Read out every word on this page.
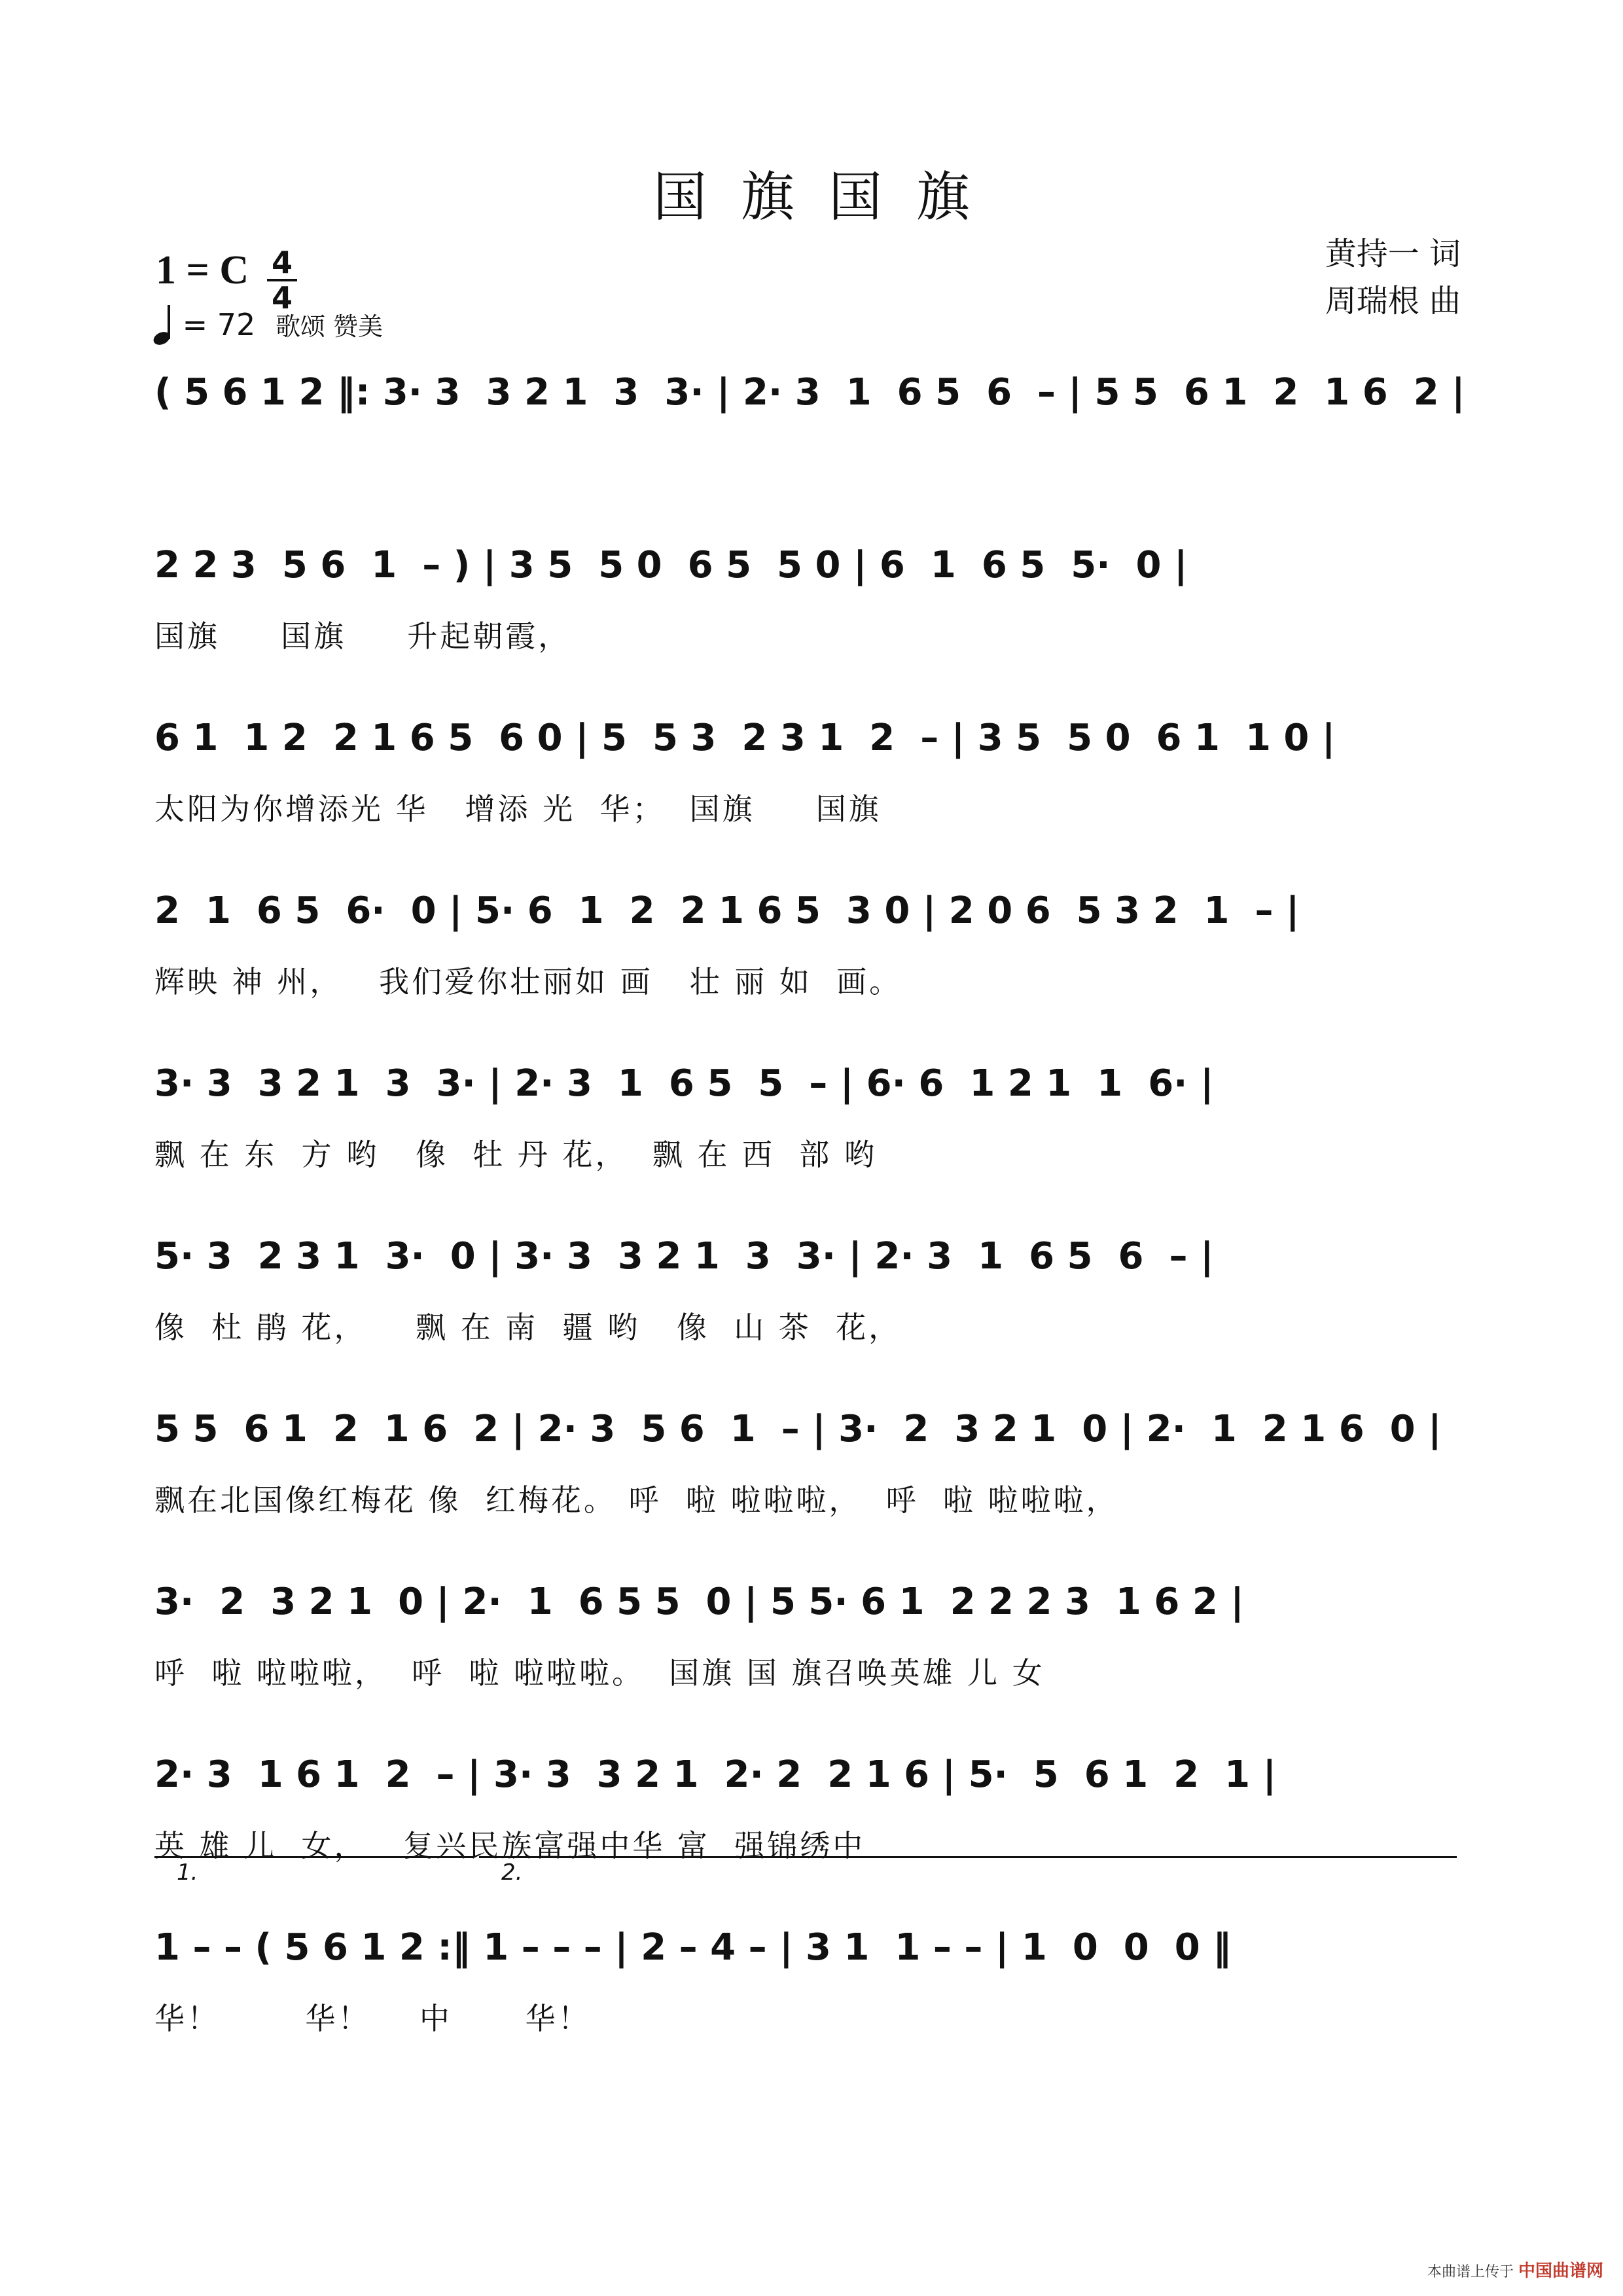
国旗国旗
黄持一 词
周瑞根 曲
1 = C 4
4
= 72 歌颂 赞美
( 5 6 1 2 ‖: 3· 3  3 2 1  3  3· | 2· 3  1  6 5  6  – | 5 5  6 1  2  1 6  2 |
2 2 3  5 6  1  – ) | 3 5  5 0  6 5  5 0 | 6  1  6 5  5·  0 |
国旗     国旗     升起朝霞，
6 1  1 2  2 1 6 5  6 0 | 5  5 3  2 3 1  2  – | 3 5  5 0  6 1  1 0 |
太阳为你增添光 华   增添 光  华；  国旗     国旗
2  1  6 5  6·  0 | 5· 6  1  2  2 1 6 5  3 0 | 2 0 6  5 3 2  1  – |
辉映 神 州，   我们爱你壮丽如 画   壮 丽 如  画。
3· 3  3 2 1  3  3· | 2· 3  1  6 5  5  – | 6· 6  1 2 1  1  6· |
飘 在 东  方 哟   像  牡 丹 花，  飘 在 西  部 哟
5· 3  2 3 1  3·  0 | 3· 3  3 2 1  3  3· | 2· 3  1  6 5  6  – |
像  杜 鹃 花，    飘 在 南  疆 哟   像  山 茶  花，
5 5  6 1  2  1 6  2 | 2· 3  5 6  1  – | 3·  2  3 2 1  0 | 2·  1  2 1 6  0 |
飘在北国像红梅花 像  红梅花。 呼  啦 啦啦啦，  呼  啦 啦啦啦，
3·  2  3 2 1  0 | 2·  1  6 5 5  0 | 5 5· 6 1  2 2 2 3  1 6 2 |
呼  啦 啦啦啦，  呼  啦 啦啦啦。  国旗 国 旗召唤英雄 儿 女
2· 3  1 6 1  2  – | 3· 3  3 2 1  2· 2  2 1 6 | 5·  5  6 1  2  1 |
英 雄 儿  女，   复兴民族富强中华 富  强锦绣中
1 – – ( 5 6 1 2 :‖ 1 – – – | 2 – 4 – | 3 1  1 – – | 1  0  0  0 ‖
华！       华！    中      华！
1.	2.
本曲谱上传于 中国曲谱网
